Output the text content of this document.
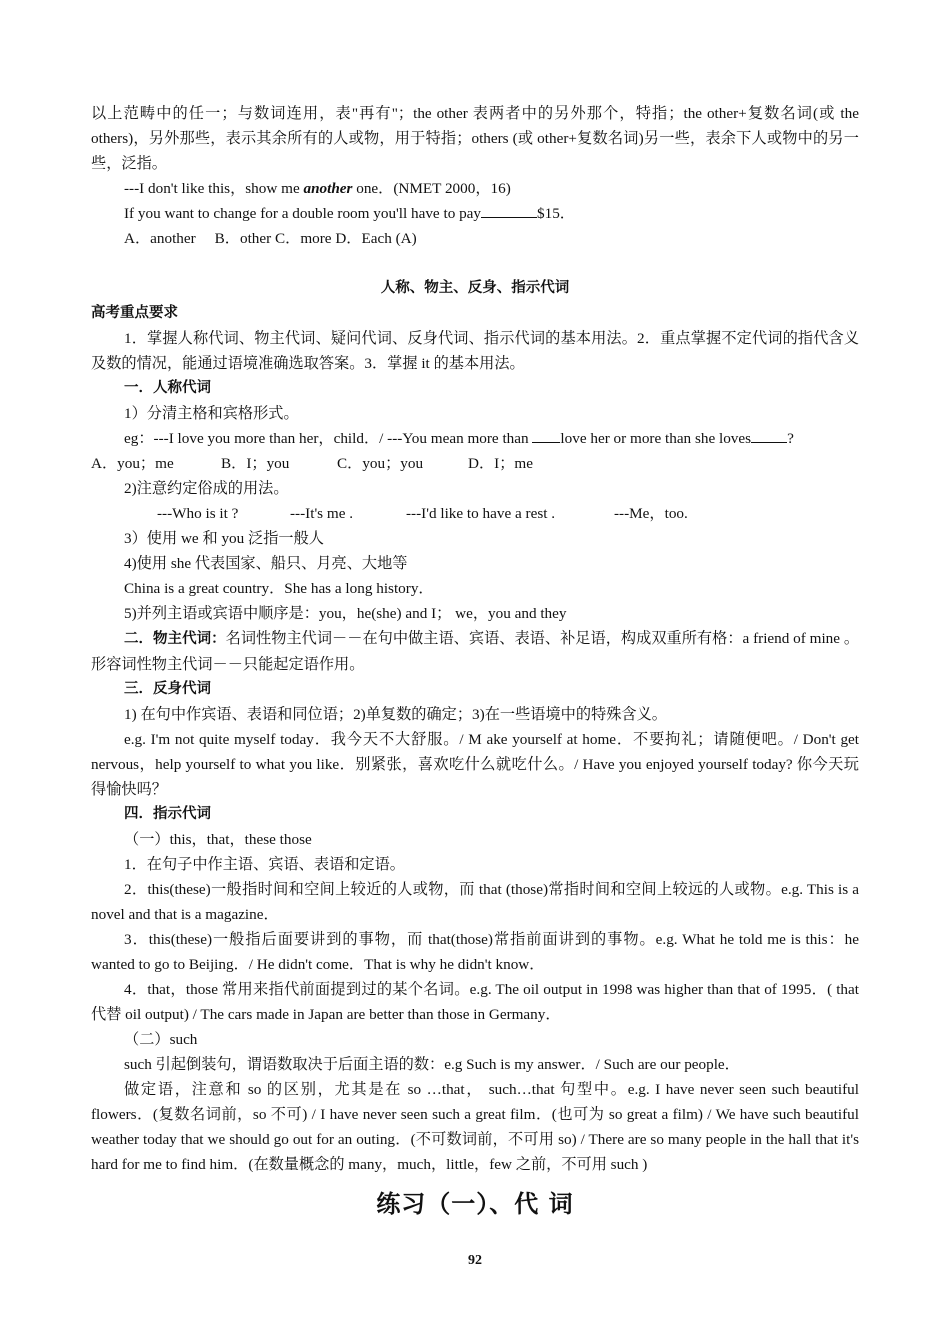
以上范畴中的任一；与数词连用，表"再有"；the other 表两者中的另外那个，特指；the other+复数名词(或 the others)，另外那些，表示其余所有的人或物，用于特指；others (或 other+复数名词)另一些，表余下人或物中的另一些，泛指。

---I don't like this，show me another one．(NMET 2000，16)

If you want to change for a double room you'll have to pay	$15．

A．another　 B．other C．more D．Each (A)

人称、物主、反身、指示代词

高考重点要求

1．掌握人称代词、物主代词、疑问代词、反身代词、指示代词的基本用法。2．重点掌握不定代词的指代含义及数的情况，能通过语境准确选取答案。3．掌握 it 的基本用法。

一．人称代词

1）分清主格和宾格形式。

eg：---I love you more than her，child．/ ---You mean more than love her or more than she loves ?

A．you；me	B．I；you	C．you；you	D．I；me

2)注意约定俗成的用法。

---Who is it ?	---It's me .	---I'd like to have a rest .	---Me，too.

3）使用 we 和 you 泛指一般人

4)使用 she 代表国家、船只、月亮、大地等

China is a great country．She has a long history．

5)并列主语或宾语中顺序是：you，he(she) and I； we，you and they

二．物主代词：名词性物主代词－－在句中做主语、宾语、表语、补足语，构成双重所有格：a friend of mine 。形容词性物主代词－－只能起定语作用。

三．反身代词

1) 在句中作宾语、表语和同位语；2)单复数的确定；3)在一些语境中的特殊含义。

e.g. I'm not quite myself today．我今天不大舒服。/ M ake yourself at home．不要拘礼；请随便吧。/ Don't get nervous，help yourself to what you like．别紧张，喜欢吃什么就吃什么。/ Have you enjoyed yourself today? 你今天玩得愉快吗？

四．指示代词

（一）this，that，these those

1．在句子中作主语、宾语、表语和定语。

2．this(these)一般指时间和空间上较近的人或物，而 that (those)常指时间和空间上较远的人或物。e.g. This is a novel and that is a magazine．

3．this(these)一般指后面要讲到的事物，而 that(those)常指前面讲到的事物。e.g. What he told me is this：he wanted to go to Beijing．/ He didn't come．That is why he didn't know．

4．that，those 常用来指代前面提到过的某个名词。e.g. The oil output in 1998 was higher than that of 1995．( that 代替 oil output) / The cars made in Japan are better than those in Germany．

（二）such

such 引起倒装句，谓语数取决于后面主语的数：e.g Such is my answer．/ Such are our people．

做定语，注意和 so 的区别，尤其是在 so …that， such…that 句型中。e.g. I have never seen such beautiful flowers．(复数名词前，so 不可) / I have never seen such a great film．(也可为 so great a film) / We have such beautiful weather today that we should go out for an outing．(不可数词前，不可用 so) / There are so many people in the hall that it's hard for me to find him．(在数量概念的 many，much，little，few 之前，不可用 such )

练习（一）、代 词
92
